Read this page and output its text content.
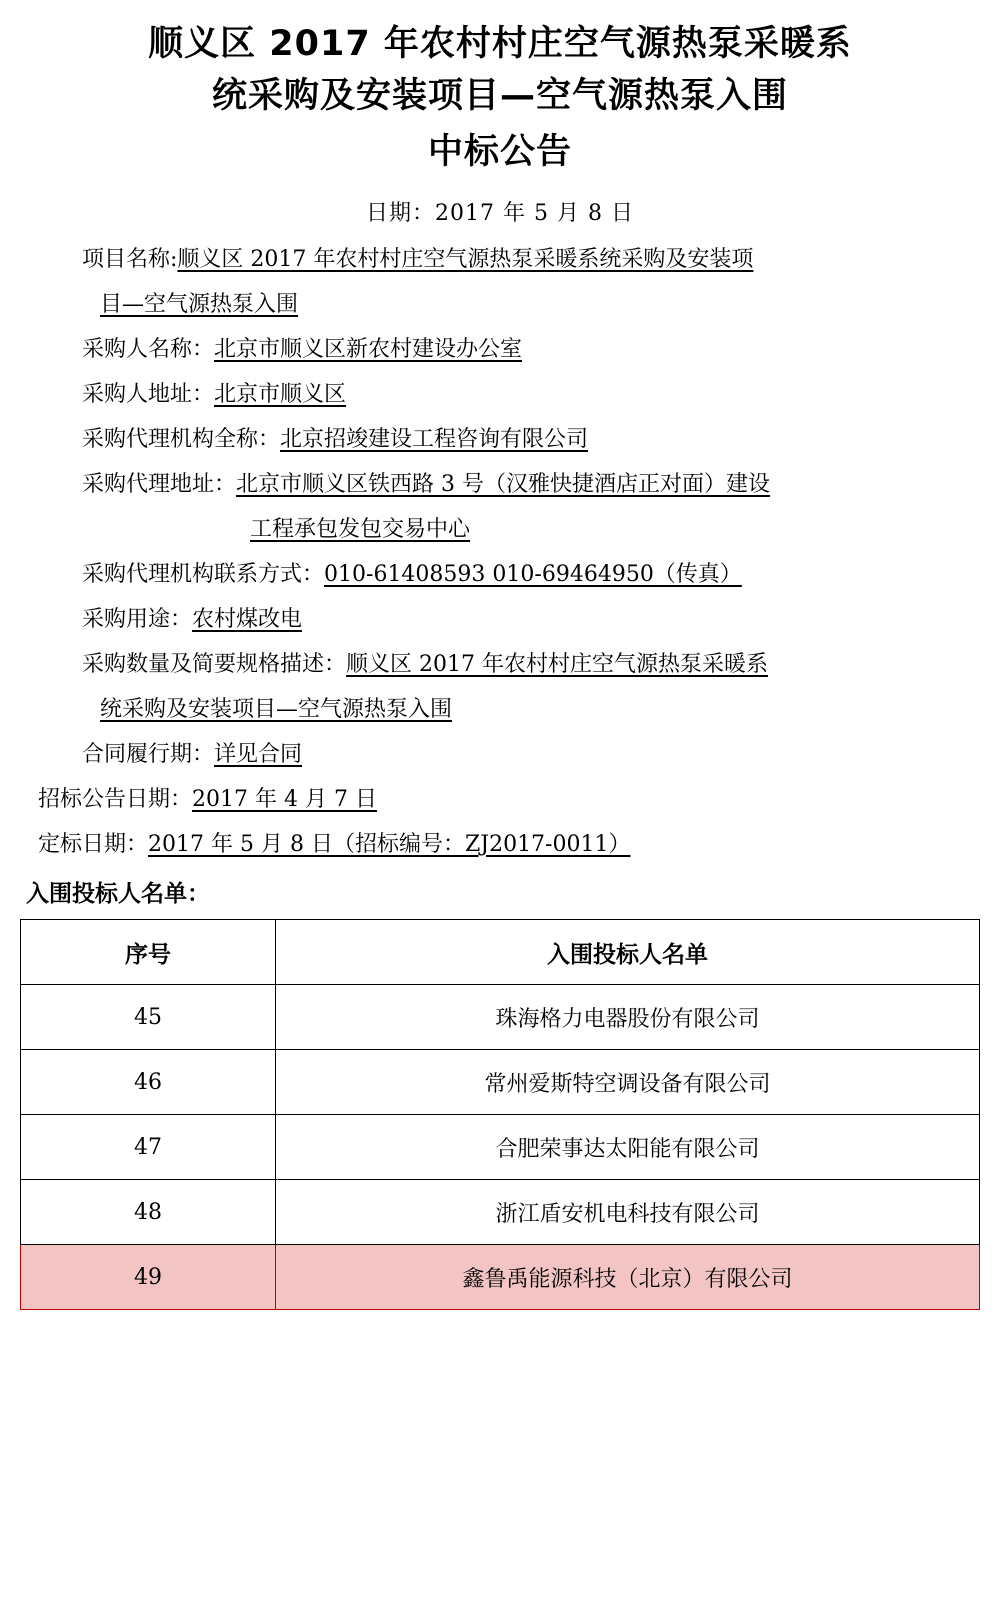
顺义区 2017 年农村村庄空气源热泵采暖系
统采购及安装项目—空气源热泵入围
中标公告
日期：2017 年 5 月 8 日
项目名称:顺义区 2017 年农村村庄空气源热泵采暖系统采购及安装项
目—空气源热泵入围
采购人名称：北京市顺义区新农村建设办公室
采购人地址：北京市顺义区
采购代理机构全称：北京招竣建设工程咨询有限公司
采购代理地址：北京市顺义区铁西路 3 号（汉雅快捷酒店正对面）建设
工程承包发包交易中心
采购代理机构联系方式：010-61408593 010-69464950（传真）
采购用途：农村煤改电
采购数量及简要规格描述：顺义区 2017 年农村村庄空气源热泵采暖系
统采购及安装项目—空气源热泵入围
合同履行期：详见合同
招标公告日期：2017 年 4 月 7 日
定标日期：2017 年 5 月 8 日（招标编号：ZJ2017-0011）
入围投标人名单：
序号	入围投标人名单
45	珠海格力电器股份有限公司
46	常州爱斯特空调设备有限公司
47	合肥荣事达太阳能有限公司
48	浙江盾安机电科技有限公司
49	鑫鲁禹能源科技（北京）有限公司
